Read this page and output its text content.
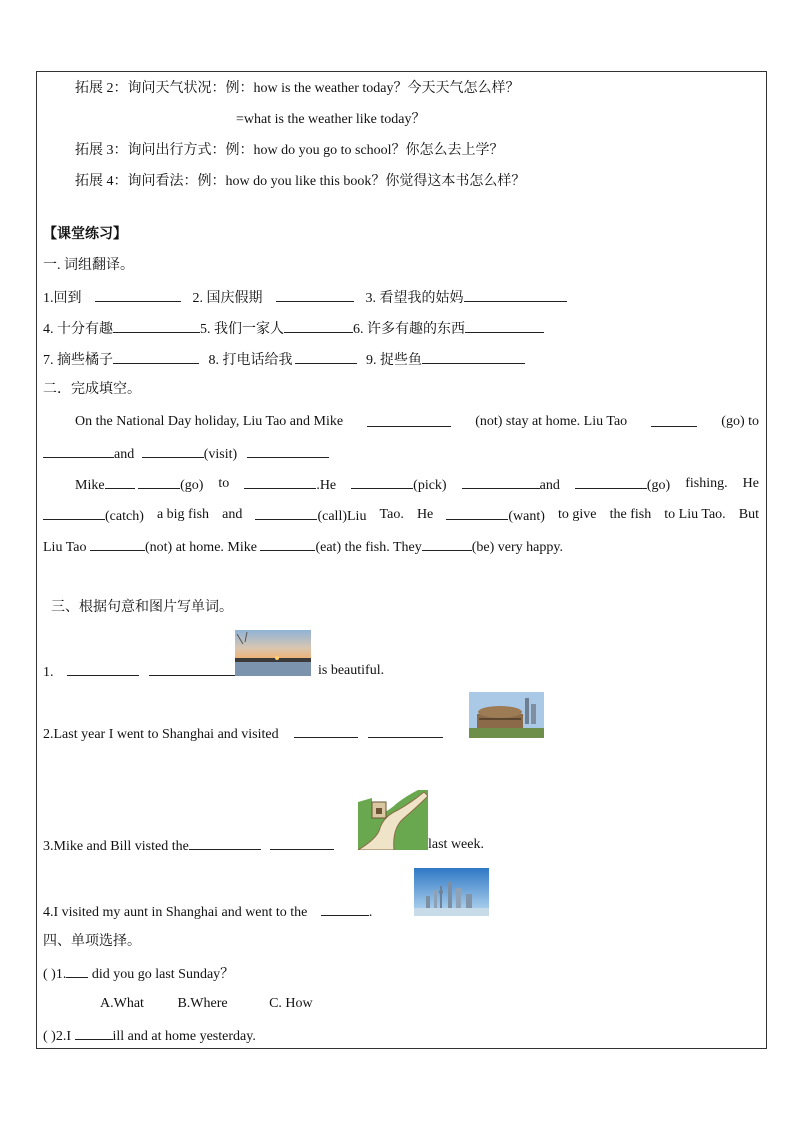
拓展 2：询问天气状况：例：how is the weather today？今天天气怎么样？
=what is the weather like today？
拓展 3：询问出行方式：例：how do you go to school？你怎么去上学？
拓展 4：询问看法：例：how do you like this book？你觉得这本书怎么样？
【课堂练习】
一. 词组翻译。
1.回到	2. 国庆假期	3. 看望我的姑妈
4. 十分有趣	5. 我们一家人	6. 许多有趣的东西
7. 摘些橘子	8. 打电话给我	9. 捉些鱼
二．完成填空。
On the National Day holiday, Liu Tao and Mike	(not) stay at home. Liu Tao	(go) to
and	(visit)
Mike	(go) to	.He	(pick)	and	(go) fishing. He
(catch) a big fish and	(call)Liu Tao. He	(want) to give the fish to Liu Tao. But
Liu Tao	(not) at home. Mike	(eat) the fish. They	(be) very happy.
三、根据句意和图片写单词。
1.	is beautiful.
2.Last year I went to Shanghai and visited
3.Mike and Bill visted the	last week.
4.I visited my aunt in Shanghai and went to the	.
四、单项选择。
( )1. did you go last Sunday？
A.What B.Where	C. How
( )2.I	ill and at home yesterday.
